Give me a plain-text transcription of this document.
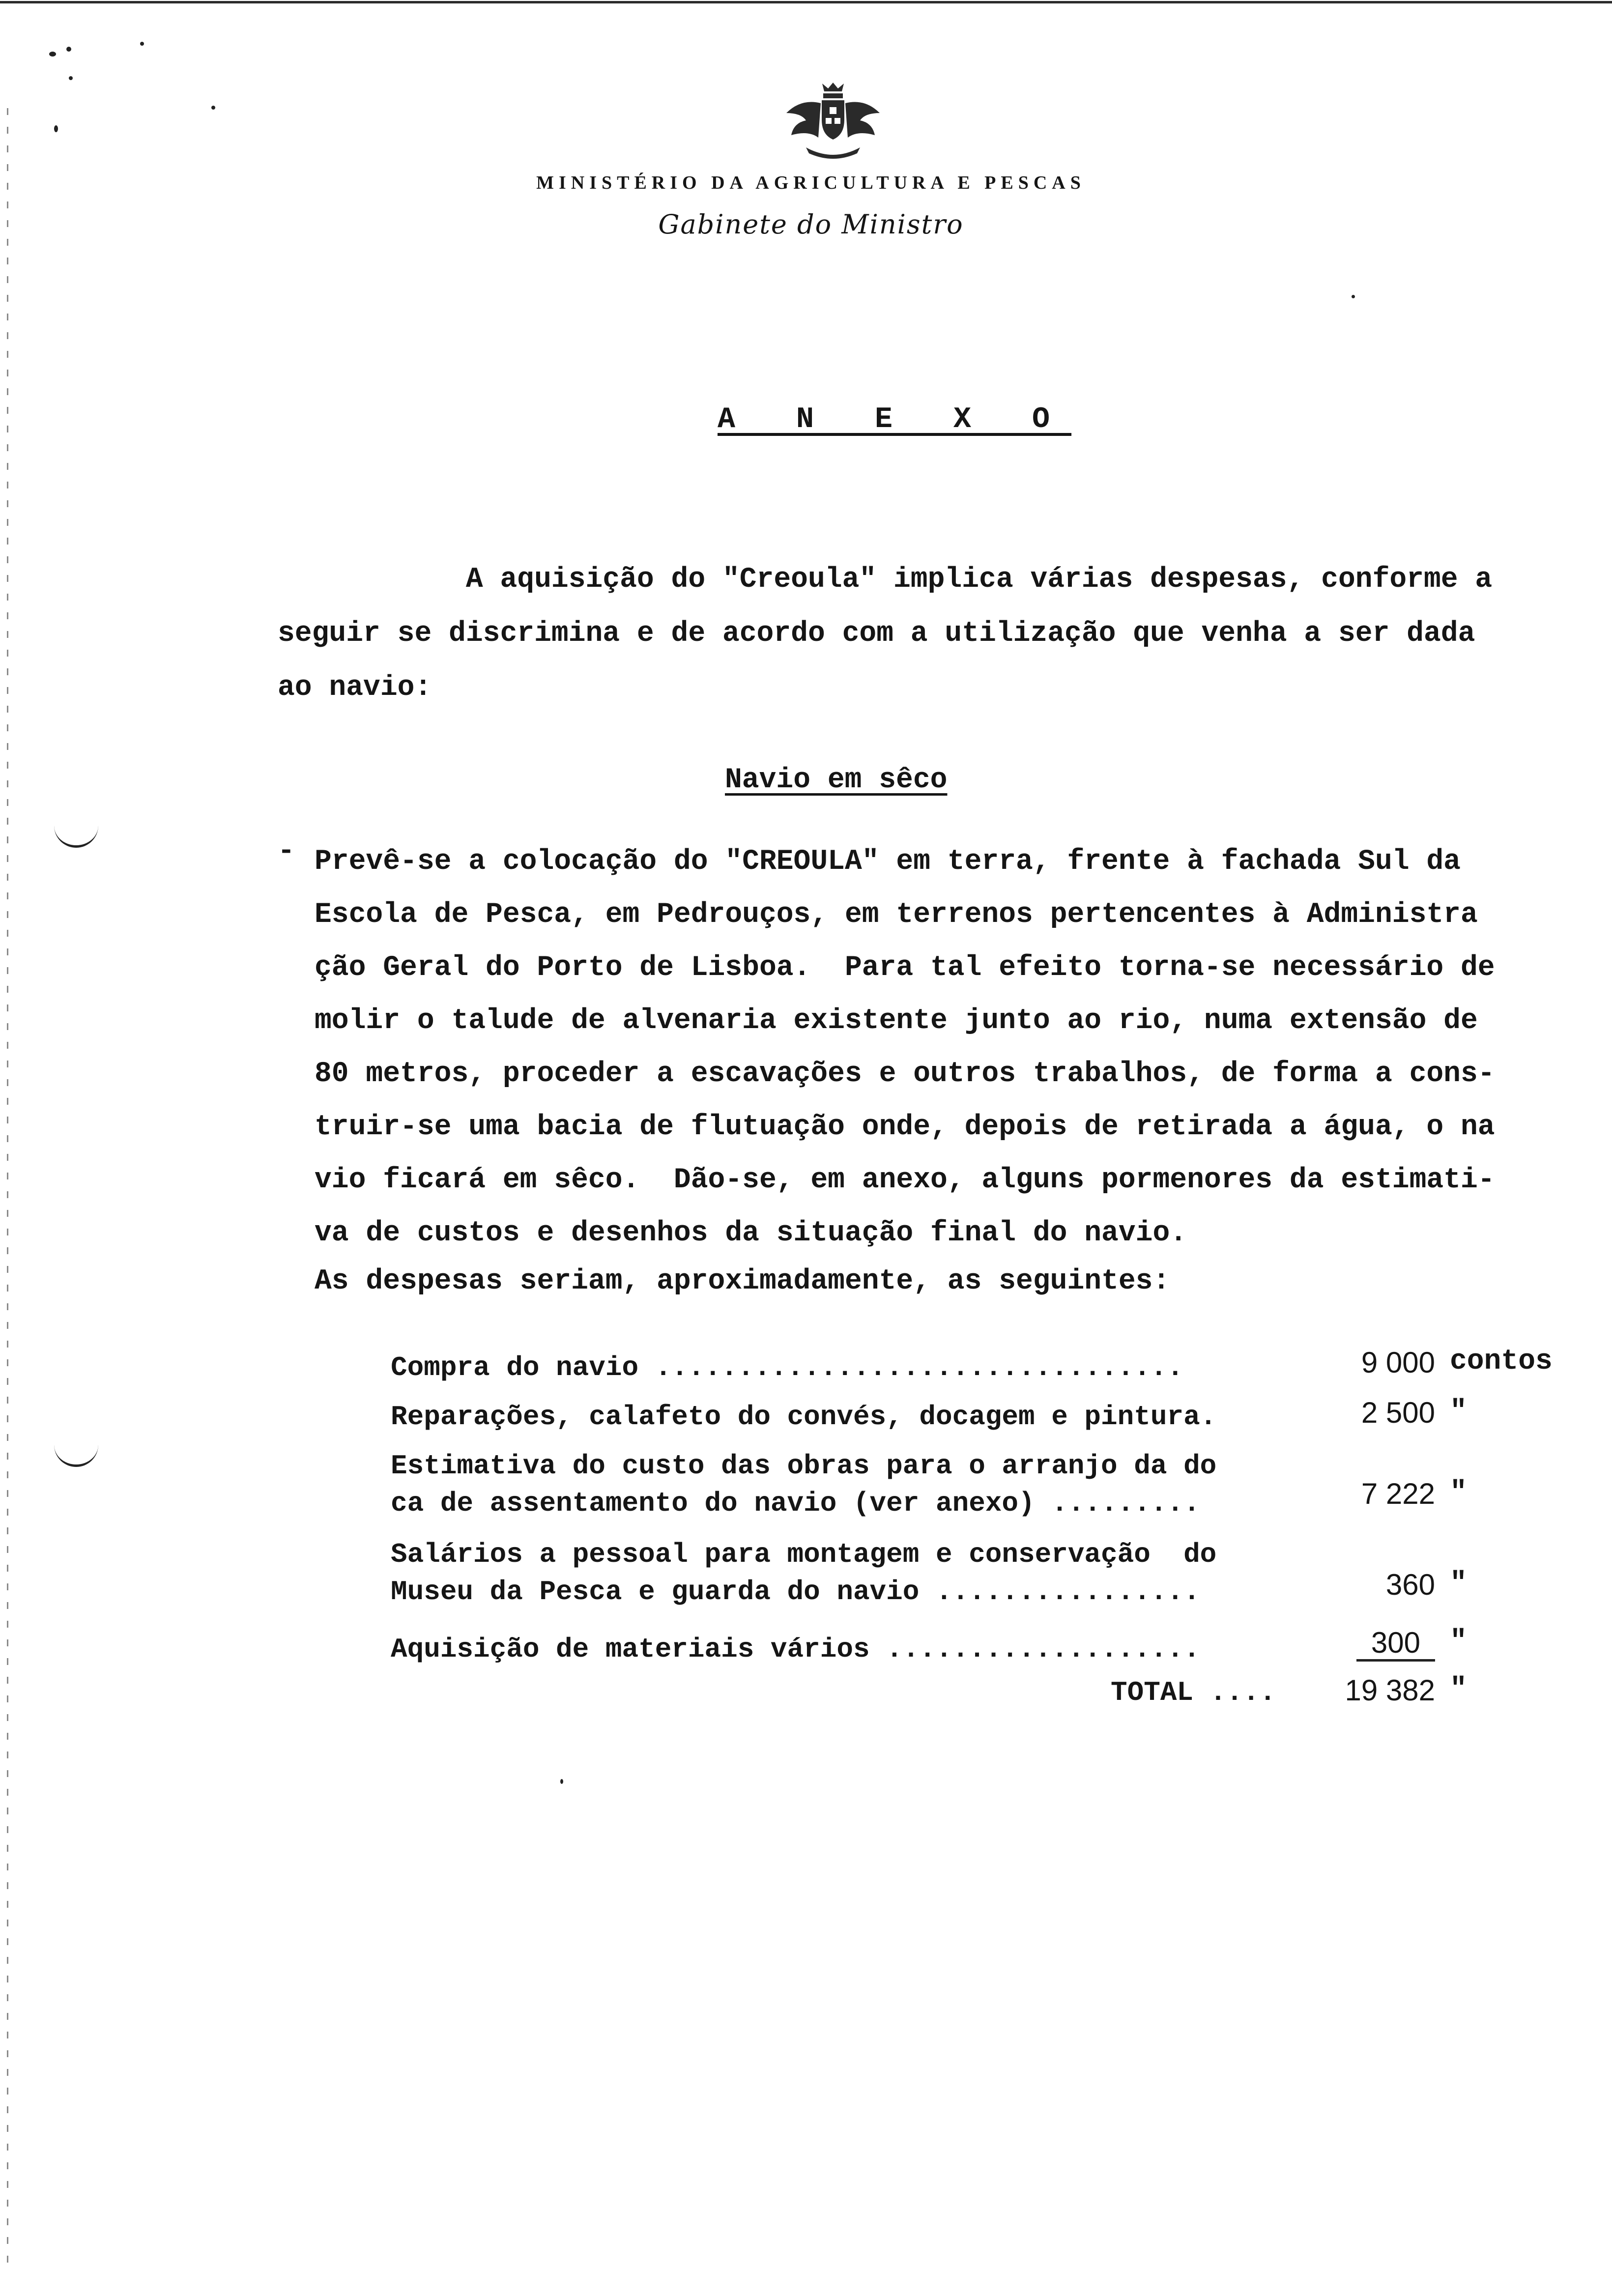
MINISTÉRIO DA AGRICULTURA E PESCAS
Gabinete do Ministro
A N E X O

A aquisição do "Creoula" implica várias despesas, conforme a
seguir se discrimina e de acordo com a utilização que venha a ser dada
ao navio:

Navio em sêco
- Prevê-se a colocação do "CREOULA" em terra, frente à fachada Sul da
Escola de Pesca, em Pedrouços, em terrenos pertencentes à Administra
ção Geral do Porto de Lisboa.  Para tal efeito torna-se necessário de
molir o talude de alvenaria existente junto ao rio, numa extensão de
80 metros, proceder a escavações e outros trabalhos, de forma a cons-
truir-se uma bacia de flutuação onde, depois de retirada a água, o na
vio ficará em sêco.  Dão-se, em anexo, alguns pormenores da estimati-
va de custos e desenhos da situação final do navio.

As despesas seriam, aproximadamente, as seguintes:
Compra do navio ................................	9 000 contos
Reparações, calafeto do convés, docagem e pintura.	2 500 "
Estimativa do custo das obras para o arranjo da do
ca de assentamento do navio (ver anexo) .........	7 222 "
Salários a pessoal para montagem e conservação  do
Museu da Pesca e guarda do navio ................	360 "
Aquisição de materiais vários ...................	300	"
TOTAL ....	19 382 "
